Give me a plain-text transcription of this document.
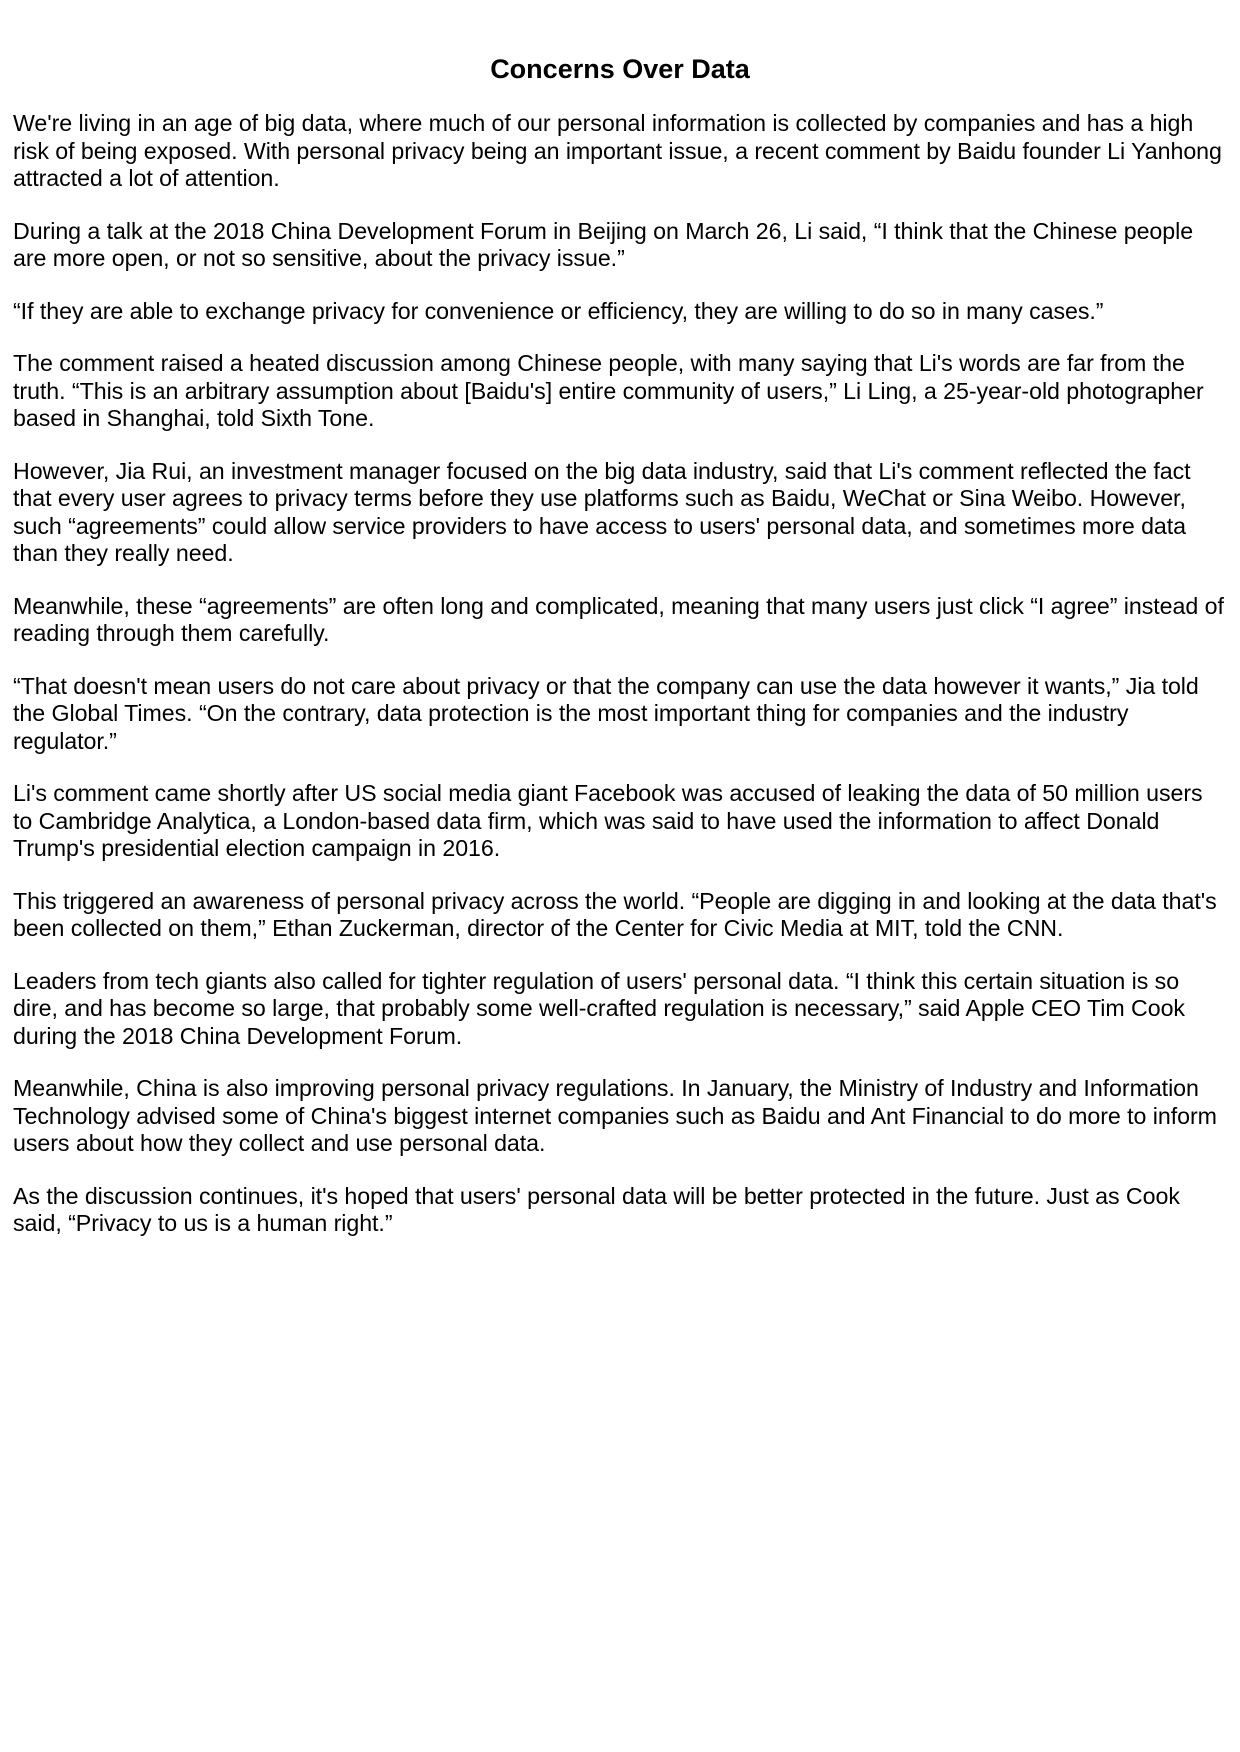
Concerns Over Data

We're living in an age of big data, where much of our personal information is collected by companies and has a high risk of being exposed. With personal privacy being an important issue, a recent comment by Baidu founder Li Yanhong attracted a lot of attention.

During a talk at the 2018 China Development Forum in Beijing on March 26, Li said, “I think that the Chinese people are more open, or not so sensitive, about the privacy issue.”

“If they are able to exchange privacy for convenience or efficiency, they are willing to do so in many cases.”

The comment raised a heated discussion among Chinese people, with many saying that Li's words are far from the truth. “This is an arbitrary assumption about [Baidu's] entire community of users,” Li Ling, a 25-year-old photographer based in Shanghai, told Sixth Tone.

However, Jia Rui, an investment manager focused on the big data industry, said that Li's comment reflected the fact that every user agrees to privacy terms before they use platforms such as Baidu, WeChat or Sina Weibo. However, such “agreements” could allow service providers to have access to users' personal data, and sometimes more data than they really need.

Meanwhile, these “agreements” are often long and complicated, meaning that many users just click “I agree” instead of reading through them carefully.

“That doesn't mean users do not care about privacy or that the company can use the data however it wants,” Jia told the Global Times. “On the contrary, data protection is the most important thing for companies and the industry regulator.”

Li's comment came shortly after US social media giant Facebook was accused of leaking the data of 50 million users to Cambridge Analytica, a London-based data firm, which was said to have used the information to affect Donald Trump's presidential election campaign in 2016.

This triggered an awareness of personal privacy across the world. “People are digging in and looking at the data that's been collected on them,” Ethan Zuckerman, director of the Center for Civic Media at MIT, told the CNN.

Leaders from tech giants also called for tighter regulation of users' personal data. “I think this certain situation is so dire, and has become so large, that probably some well-crafted regulation is necessary,” said Apple CEO Tim Cook during the 2018 China Development Forum.

Meanwhile, China is also improving personal privacy regulations. In January, the Ministry of Industry and Information Technology advised some of China's biggest internet companies such as Baidu and Ant Financial to do more to inform users about how they collect and use personal data.

As the discussion continues, it's hoped that users' personal data will be better protected in the future. Just as Cook said, “Privacy to us is a human right.”
